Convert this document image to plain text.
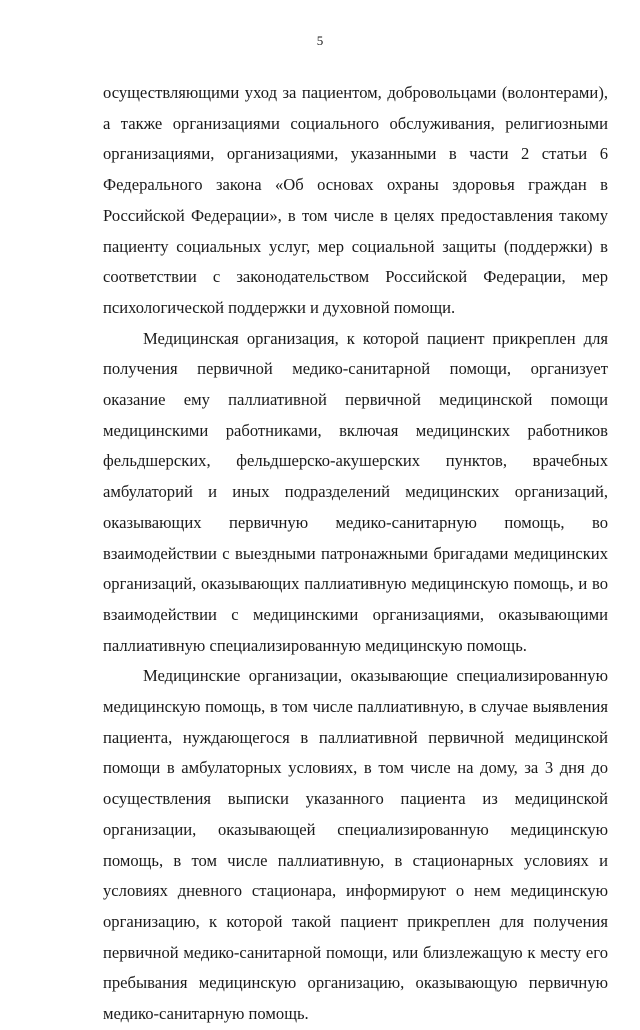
5

осуществляющими уход за пациентом, добровольцами (волонтерами), а также организациями социального обслуживания, религиозными организациями, организациями, указанными в части 2 статьи 6 Федерального закона «Об основах охраны здоровья граждан в Российской Федерации», в том числе в целях предоставления такому пациенту социальных услуг, мер социальной защиты (поддержки) в соответствии с законодательством Российской Федерации, мер психологической поддержки и духовной помощи.

Медицинская организация, к которой пациент прикреплен для получения первичной медико-санитарной помощи, организует оказание ему паллиативной первичной медицинской помощи медицинскими работниками, включая медицинских работников фельдшерских, фельдшерско-акушерских пунктов, врачебных амбулаторий и иных подразделений медицинских организаций, оказывающих первичную медико-санитарную помощь, во взаимодействии с выездными патронажными бригадами медицинских организаций, оказывающих паллиативную медицинскую помощь, и во взаимодействии с медицинскими организациями, оказывающими паллиативную специализированную медицинскую помощь.

Медицинские организации, оказывающие специализированную медицинскую помощь, в том числе паллиативную, в случае выявления пациента, нуждающегося в паллиативной первичной медицинской помощи в амбулаторных условиях, в том числе на дому, за 3 дня до осуществления выписки указанного пациента из медицинской организации, оказывающей специализированную медицинскую помощь, в том числе паллиативную, в стационарных условиях и условиях дневного стационара, информируют о нем медицинскую организацию, к которой такой пациент прикреплен для получения первичной медико-санитарной помощи, или близлежащую к месту его пребывания медицинскую организацию, оказывающую первичную медико-санитарную помощь.
